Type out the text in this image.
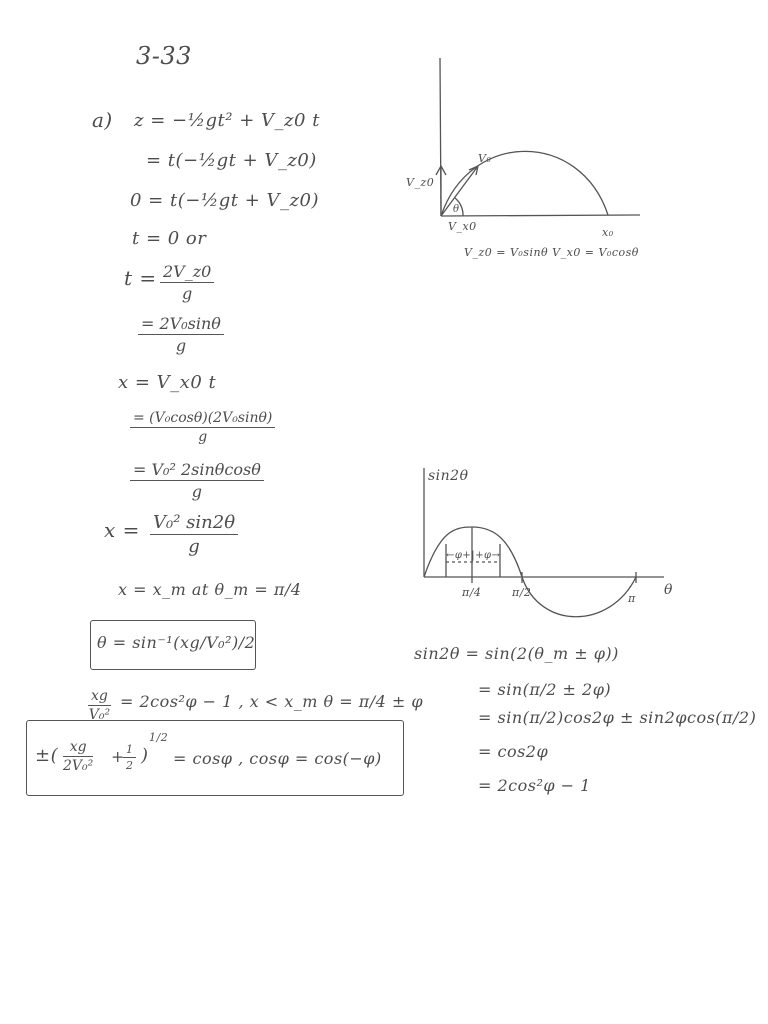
3-33
a) z = −½gt² + V_z0 t
= t(−½gt + V_z0)
0 = t(−½gt + V_z0)
t = 0 or
$t = \frac{2V\_z0}{g}$
$\frac{\text{= 2V₀sinθ}}{g}$
x = V_x0 t
$\frac{\text{= (V₀cosθ)(2V₀sinθ)}}{g}$
$\frac{\text{= V₀² 2sinθcosθ}}{g}$
$x = \frac{\text{V₀² sin2θ}}{g}$
x = x_m at θ_m = π/4
θ = sin⁻¹(xg/V₀²)/2
$\frac{xg}{\text{V₀²}} = 2\cos^2\varphi - 1$ , x < x_m θ = π/4 ± φ
±( $\frac{xg}{\text{2V₀²}}$ +
$\frac{1}{2}$ )
1/2
= cosφ , cosφ = cos(−φ)
V₀
V_z0
θ
V_x0	x₀
V_z0 = V₀sinθ V_x0 = V₀cosθ
sin2θ
←φ+|+φ→
π/4	π/2	π
θ
sin2θ = sin(2(θ_m ± φ))
= sin(π/2 ± 2φ)
= sin(π/2)cos2φ ± sin2φcos(π/2)
= cos2φ
= 2cos²φ − 1
